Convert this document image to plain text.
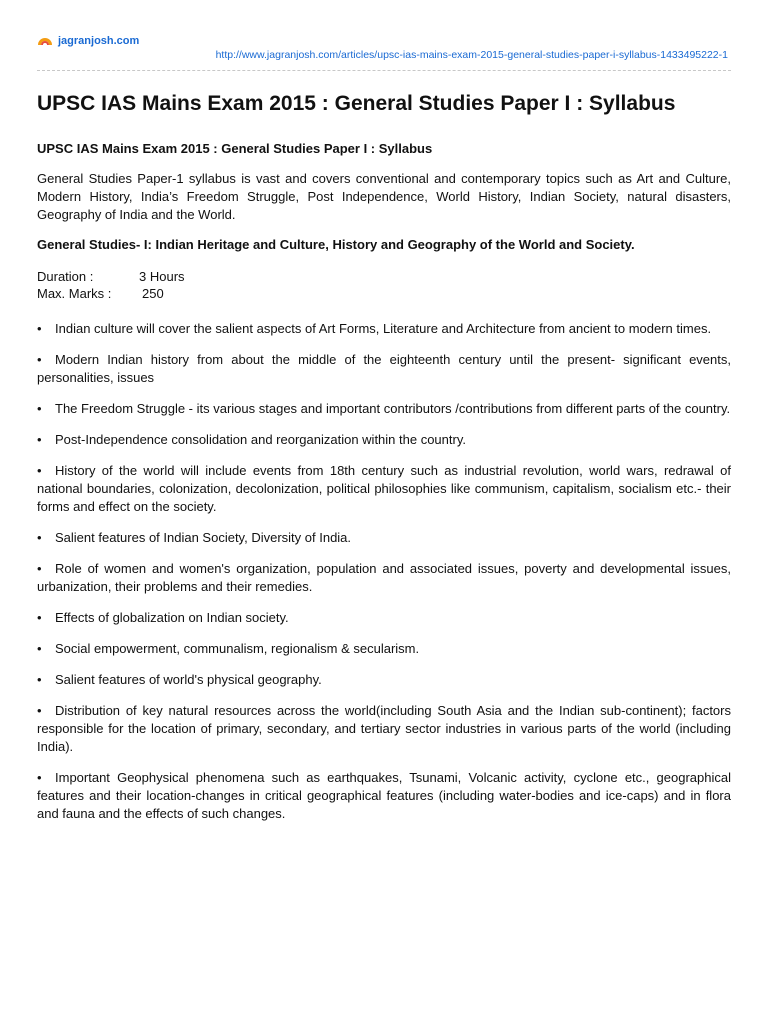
jagranjosh.com
http://www.jagranjosh.com/articles/upsc-ias-mains-exam-2015-general-studies-paper-i-syllabus-1433495222-1
UPSC IAS Mains Exam 2015 : General Studies Paper I : Syllabus
UPSC IAS Mains Exam 2015 : General Studies Paper I : Syllabus

General Studies Paper-1 syllabus is vast and covers conventional and contemporary topics such as Art and Culture, Modern History, India’s Freedom Struggle, Post Independence, World History, Indian Society, natural disasters, Geography of India and the World.

General Studies- I: Indian Heritage and Culture, History and Geography of the World and Society.

Duration :	3 Hours
Max. Marks :	250
• Indian culture will cover the salient aspects of Art Forms, Literature and Architecture from ancient to modern times.
• Modern Indian history from about the middle of the eighteenth century until the present- significant events, personalities, issues
• The Freedom Struggle - its various stages and important contributors /contributions from different parts of the country.
• Post-Independence consolidation and reorganization within the country.
• History of the world will include events from 18th century such as industrial revolution, world wars, redrawal of national boundaries, colonization, decolonization, political philosophies like communism, capitalism, socialism etc.- their forms and effect on the society.
• Salient features of Indian Society, Diversity of India.
• Role of women and women's organization, population and associated issues, poverty and developmental issues, urbanization, their problems and their remedies.
• Effects of globalization on Indian society.
• Social empowerment, communalism, regionalism & secularism.
• Salient features of world's physical geography.
• Distribution of key natural resources across the world(including South Asia and the Indian sub-continent); factors responsible for the location of primary, secondary, and tertiary sector industries in various parts of the world (including India).
• Important Geophysical phenomena such as earthquakes, Tsunami, Volcanic activity, cyclone etc., geographical features and their location-changes in critical geographical features (including water-bodies and ice-caps) and in flora and fauna and the effects of such changes.
